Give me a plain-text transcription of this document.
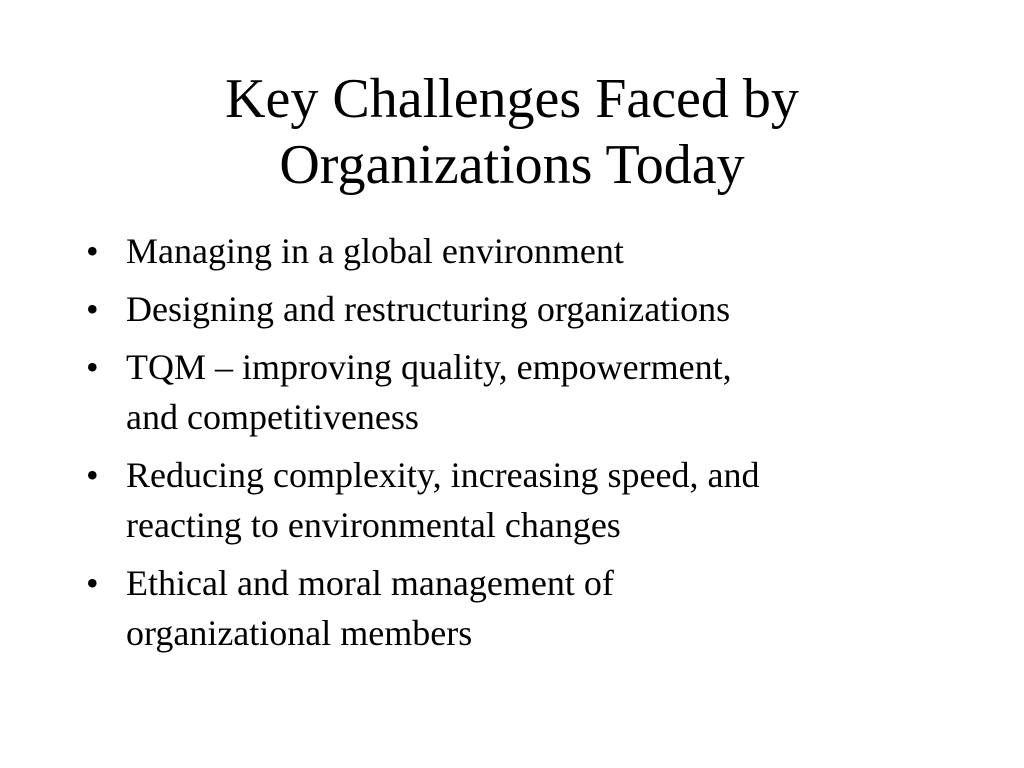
Key Challenges Faced by
Organizations Today
• Managing in a global environment
• Designing and restructuring organizations
• TQM – improving quality, empowerment,
and competitiveness
• Reducing complexity, increasing speed, and
reacting to environmental changes
• Ethical and moral management of
organizational members
